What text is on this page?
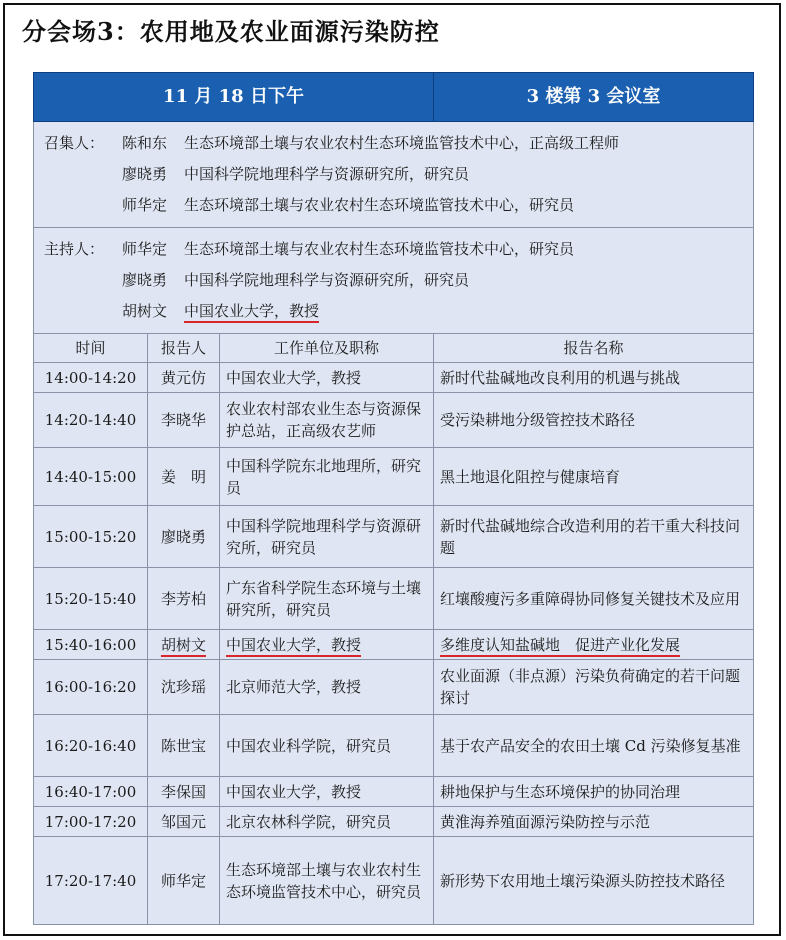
分会场3：农用地及农业面源污染防控
11 月 18 日下午			3 楼第 3 会议室

召集人： 陈和东 生态环境部土壤与农业农村生态环境监管技术中心，正高级工程师
廖晓勇 中国科学院地理科学与资源研究所，研究员
师华定 生态环境部土壤与农业农村生态环境监管技术中心，研究员			

主持人： 师华定 生态环境部土壤与农业农村生态环境监管技术中心，研究员
廖晓勇 中国科学院地理科学与资源研究所，研究员
胡树文 中国农业大学，教授			

时间	报告人	工作单位及职称	报告名称
14:00-14:20	黄元仿	中国农业大学，教授	新时代盐碱地改良利用的机遇与挑战
14:20-14:40	李晓华	农业农村部农业生态与资源保护总站，正高级农艺师	受污染耕地分级管控技术路径
14:40-15:00	姜　明	中国科学院东北地理所，研究员	黑土地退化阻控与健康培育
15:00-15:20	廖晓勇	中国科学院地理科学与资源研究所，研究员	新时代盐碱地综合改造利用的若干重大科技问题
15:20-15:40	李芳柏	广东省科学院生态环境与土壤研究所，研究员	红壤酸瘦污多重障碍协同修复关键技术及应用
15:40-16:00	胡树文	中国农业大学，教授	多维度认知盐碱地　促进产业化发展
16:00-16:20	沈珍瑶	北京师范大学，教授	农业面源（非点源）污染负荷确定的若干问题探讨
16:20-16:40	陈世宝	中国农业科学院，研究员	基于农产品安全的农田土壤 Cd 污染修复基准
16:40-17:00	李保国	中国农业大学，教授	耕地保护与生态环境保护的协同治理
17:00-17:20	邹国元	北京农林科学院，研究员	黄淮海养殖面源污染防控与示范
17:20-17:40	师华定	生态环境部土壤与农业农村生态环境监管技术中心，研究员	新形势下农用地土壤污染源头防控技术路径
